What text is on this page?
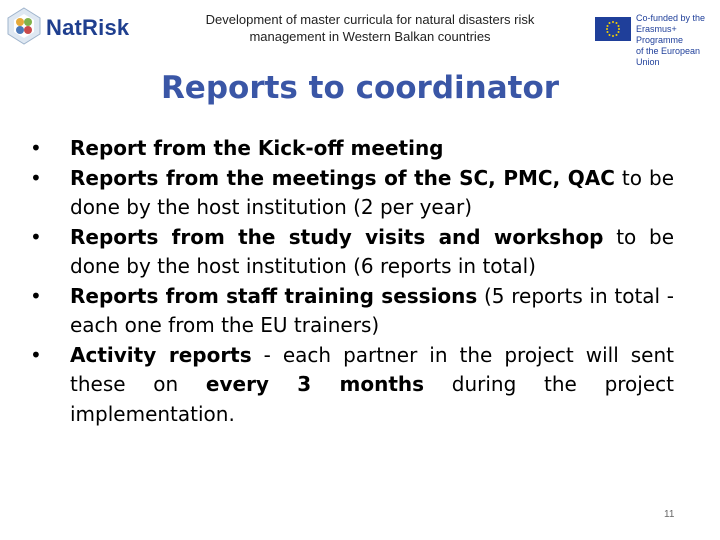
NatRisk	Development of master curricula for natural disasters risk
management in Western Balkan countries
Co-funded by the
Erasmus+ Programme
of the European Union
Reports to coordinator

• Report from the Kick-off meeting

• Reports from the meetings of the SC, PMC, QAC to be done by the host institution (2 per year)

• Reports from the study visits and workshop to be done by the host institution (6 reports in total)

• Reports from staff training sessions (5 reports in total - each one from the EU trainers)

• Activity reports - each partner in the project will sent these on every 3 months during the project implementation.

11
